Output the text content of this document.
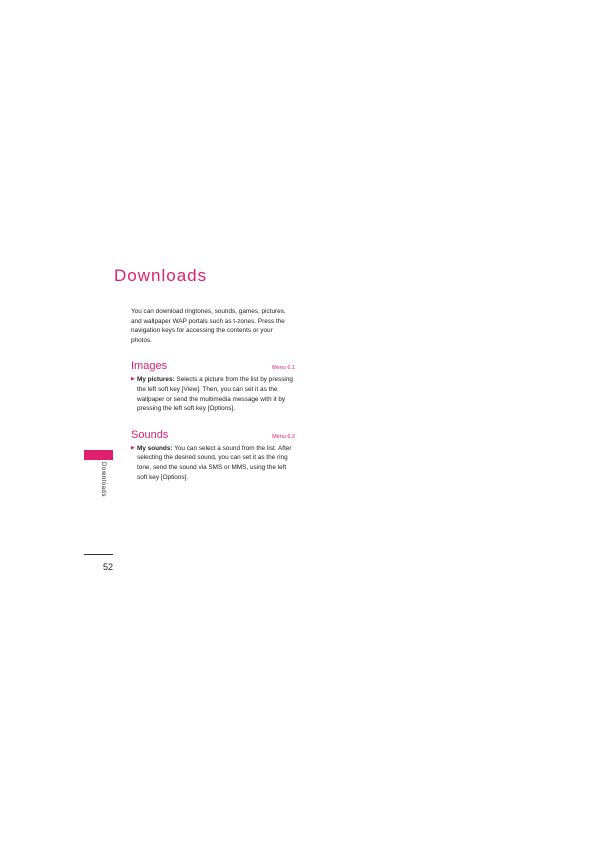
Downloads

You can download ringtones, sounds, games, pictures, and wallpaper WAP portals such as t-zones. Press the navigation keys for accessing the contents or your photos.

Images	Menu 6.1
▶ My pictures: Selects a picture from the list by pressing the left soft key [View]. Then, you can set it as the wallpaper or send the multimedia message with it by pressing the left soft key [Options].
Sounds	Menu 6.2
▶ My sounds: You can select a sound from the list. After selecting the desired sound, you can set it as the ring tone, send the sound via SMS or MMS, using the left soft key [Options].
Downloads
52
